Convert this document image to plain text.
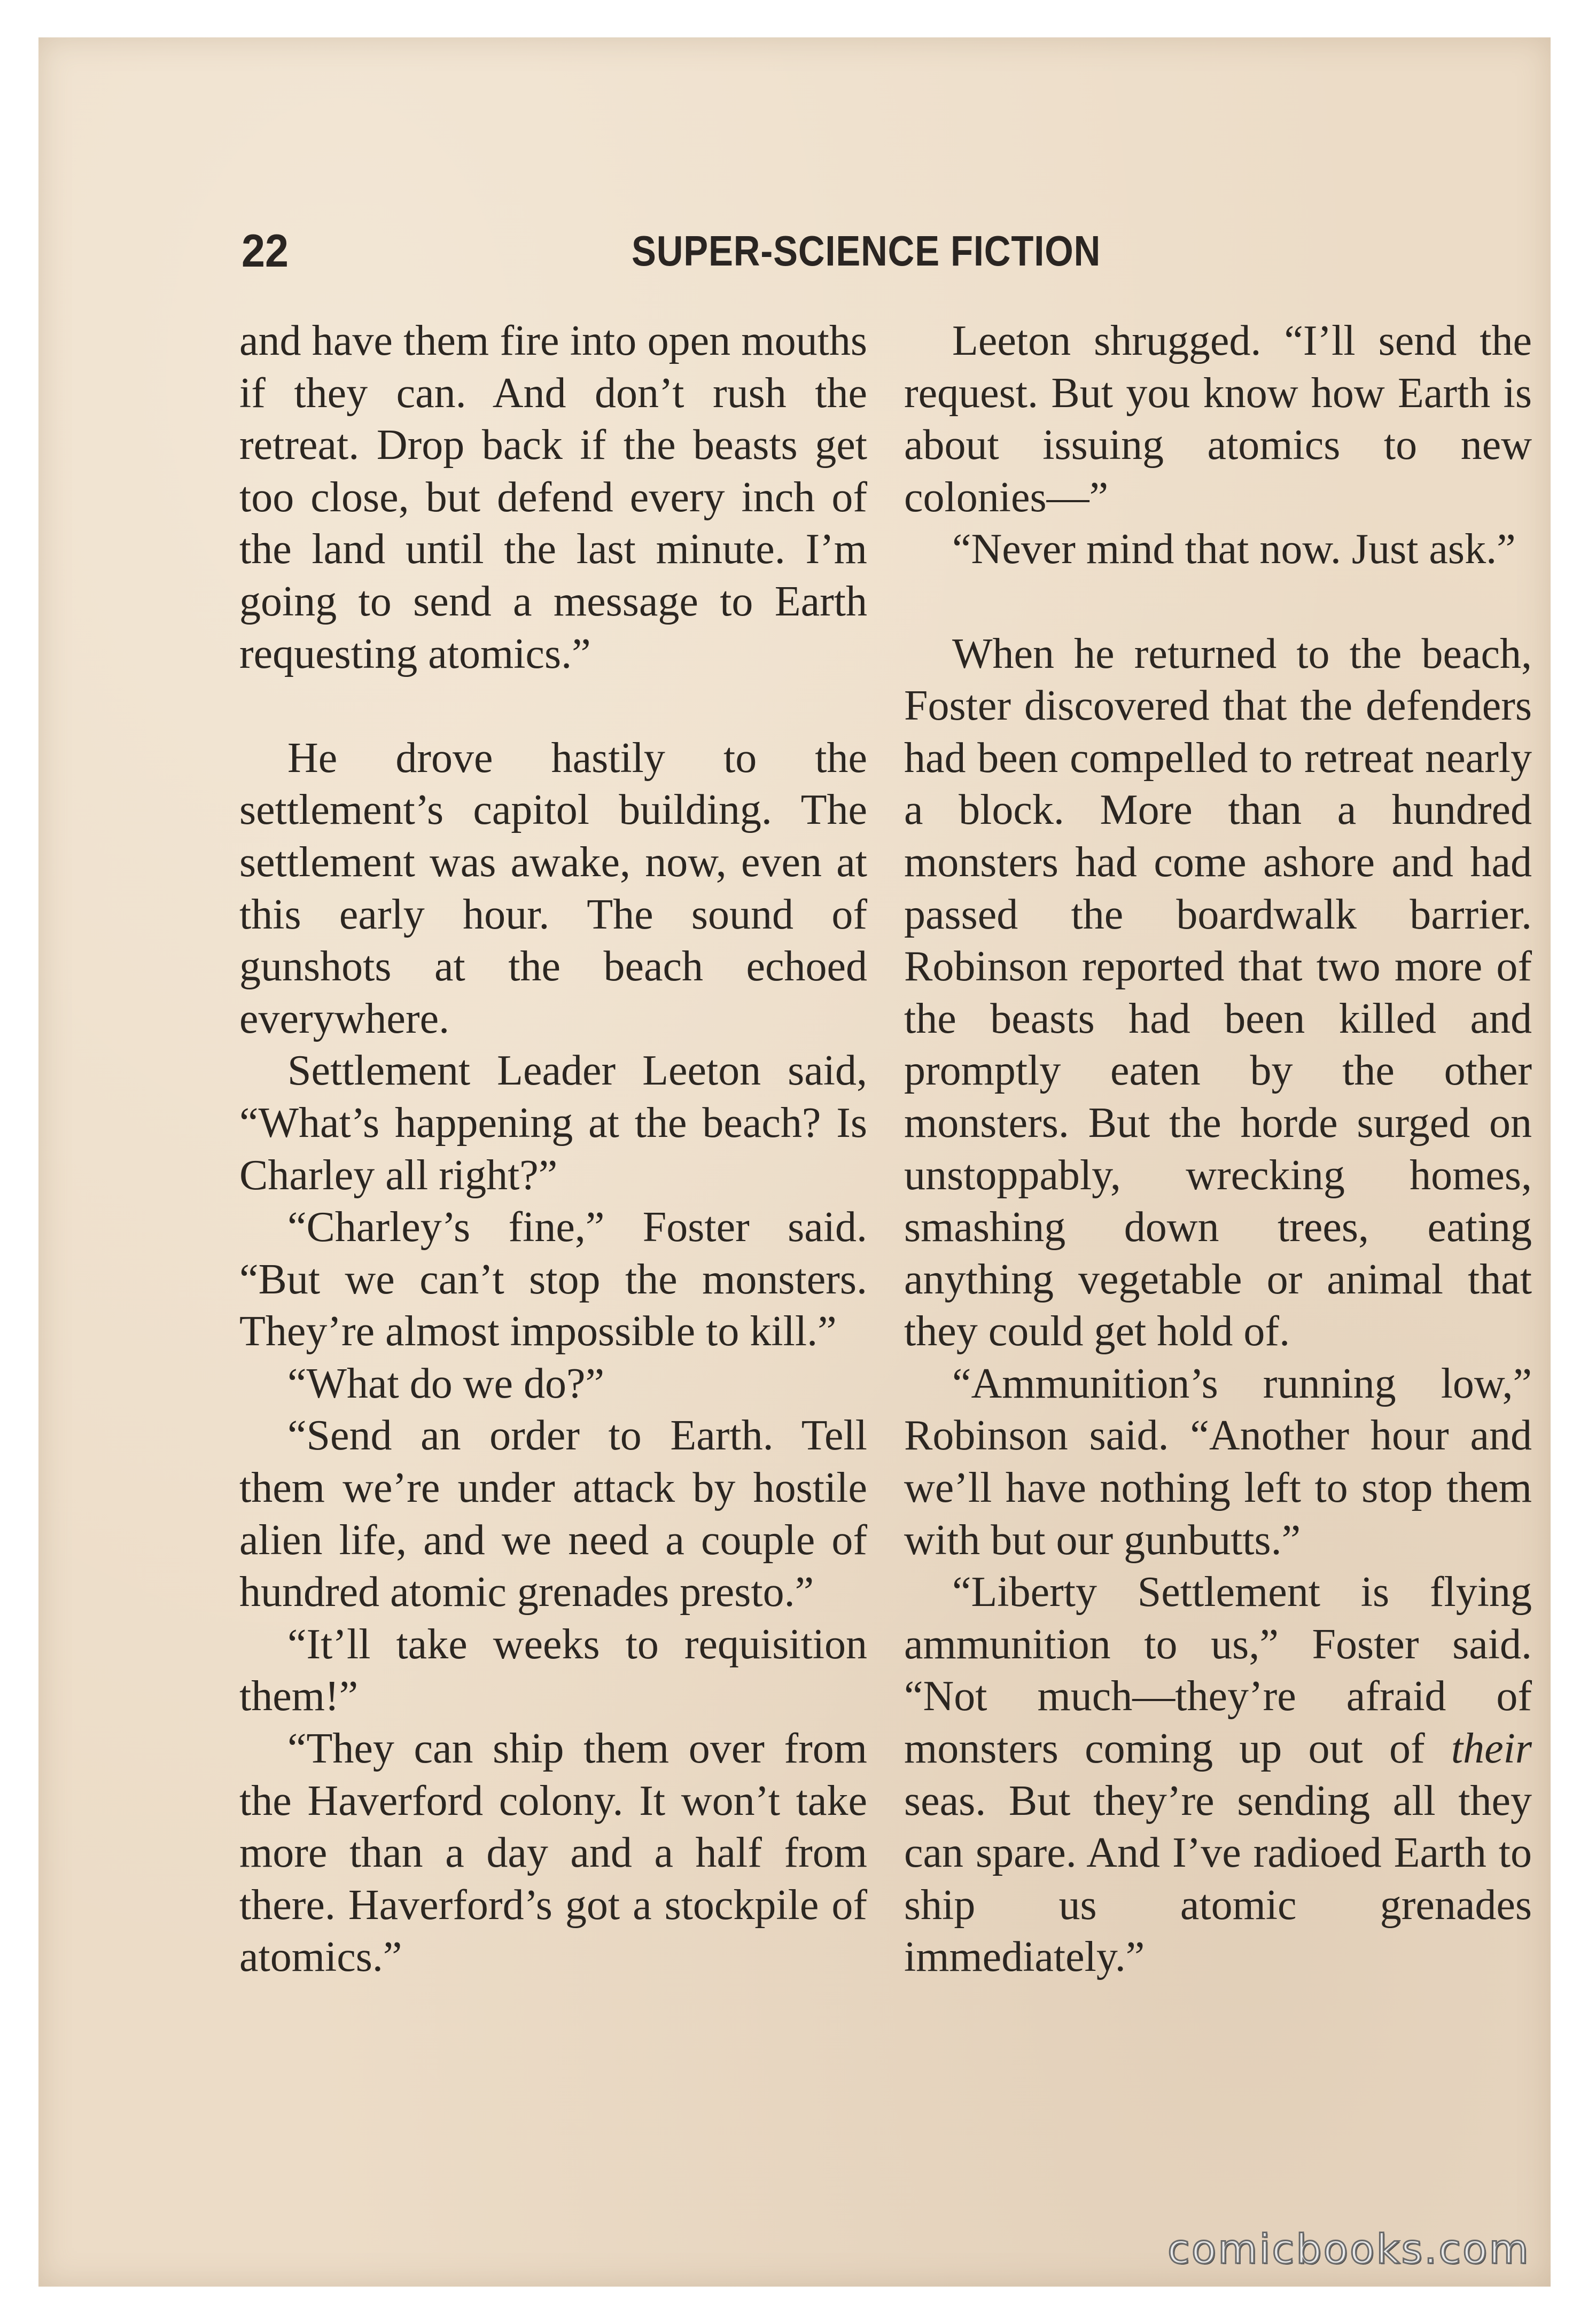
22	SUPER-SCIENCE FICTION

and have them fire into open mouths if they can. And don’t rush the retreat. Drop back if the beasts get too close, but defend every inch of the land until the last minute. I’m going to send a message to Earth requesting atomics.”

He drove hastily to the settlement’s capitol building. The settlement was awake, now, even at this early hour. The sound of gunshots at the beach echoed everywhere.

Settlement Leader Leeton said, “What’s happening at the beach? Is Charley all right?”

“Charley’s fine,” Foster said. “But we can’t stop the monsters. They’re almost impossible to kill.”

“What do we do?”

“Send an order to Earth. Tell them we’re under attack by hostile alien life, and we need a couple of hundred atomic grenades presto.”

“It’ll take weeks to requisition them!”

“They can ship them over from the Haverford colony. It won’t take more than a day and a half from there. Haverford’s got a stockpile of atomics.”

Leeton shrugged. “I’ll send the request. But you know how Earth is about issuing atomics to new colonies—”

“Never mind that now. Just ask.”

When he returned to the beach, Foster discovered that the defenders had been compelled to retreat nearly a block. More than a hundred monsters had come ashore and had passed the boardwalk barrier. Robinson reported that two more of the beasts had been killed and promptly eaten by the other monsters. But the horde surged on unstoppably, wrecking homes, smashing down trees, eating anything vegetable or animal that they could get hold of.

“Ammunition’s running low,” Robinson said. “Another hour and we’ll have nothing left to stop them with but our gunbutts.”

“Liberty Settlement is flying ammunition to us,” Foster said. “Not much—they’re afraid of monsters coming up out of their seas. But they’re sending all they can spare. And I’ve radioed Earth to ship us atomic grenades immediately.”

comicbooks.com
